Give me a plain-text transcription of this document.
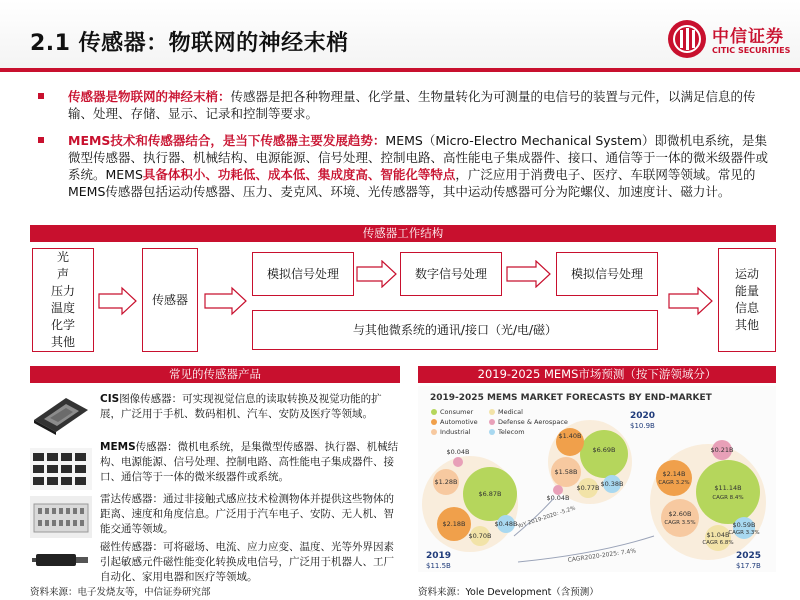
2.1 传感器：物联网的神经末梢	中信证券
CITIC SECURITIES
传感器是物联网的神经末梢：传感器是把各种物理量、化学量、生物量转化为可测量的电信号的装置与元件，以满足信息的传输、处理、存储、显示、记录和控制等要求。
MEMS技术和传感器结合，是当下传感器主要发展趋势：MEMS（Micro-Electro Mechanical System）即微机电系统，是集微型传感器、执行器、机械结构、电源能源、信号处理、控制电路、高性能电子集成器件、接口、通信等于一体的微米级器件或系统。MEMS具备体积小、功耗低、成本低、集成度高、智能化等特点，广泛应用于消费电子、医疗、车联网等领域。常见的MEMS传感器包括运动传感器、压力、麦克风、环境、光传感器等，其中运动传感器可分为陀螺仪、加速度计、磁力计。
传感器工作结构
光
声
压力
温度
化学
其他
传感器
模拟信号处理	数字信号处理	模拟信号处理
与其他微系统的通讯/接口（光/电/磁）
运动
能量
信息
其他
常见的传感器产品
CIS图像传感器：可实现视觉信息的读取转换及视觉功能的扩展，广泛用于手机、数码相机、汽车、安防及医疗等领域。
MEMS传感器：微机电系统，是集微型传感器、执行器、机械结构、电源能源、信号处理、控制电路、高性能电子集成器件、接口、通信等于一体的微米级器件或系统。
雷达传感器：通过非接触式感应技术检测物体并提供这些物体的距离、速度和角度信息。广泛用于汽车电子、安防、无人机、智能交通等领域。
磁性传感器：可将磁场、电流、应力应变、温度、光等外界因素引起敏感元件磁性能变化转换成电信号，广泛用于机器人、工厂自动化、家用电器和医疗等领域。
资料来源：电子发烧友等，中信证券研究部
2019-2025 MEMS市场预测（按下游领域分）
2019-2025 MEMS MARKET FORECASTS BY END-MARKET
Consumer	Medical
Automotive	Defense & Aerospace
Industrial	Telecom
$6.87B
$2.18B
$1.28B
$0.70B
$0.48B
$0.04B
2019
$11.5B
$6.69B
$1.40B
$1.58B
$0.38B
$0.77B
$0.04B
2020
$10.9B
$11.14B
CAGR 8.4%
$2.14B
CAGR 3.2%
$2.60B
CAGR 3.5%
$1.04B
CAGR 6.8%
$0.59B
CAGR 3.3%
$0.21B
2025
$17.7B
YoY 2019-2020: -5.2%
CAGR2020-2025: 7.4%
资料来源：Yole Development（含预测）
